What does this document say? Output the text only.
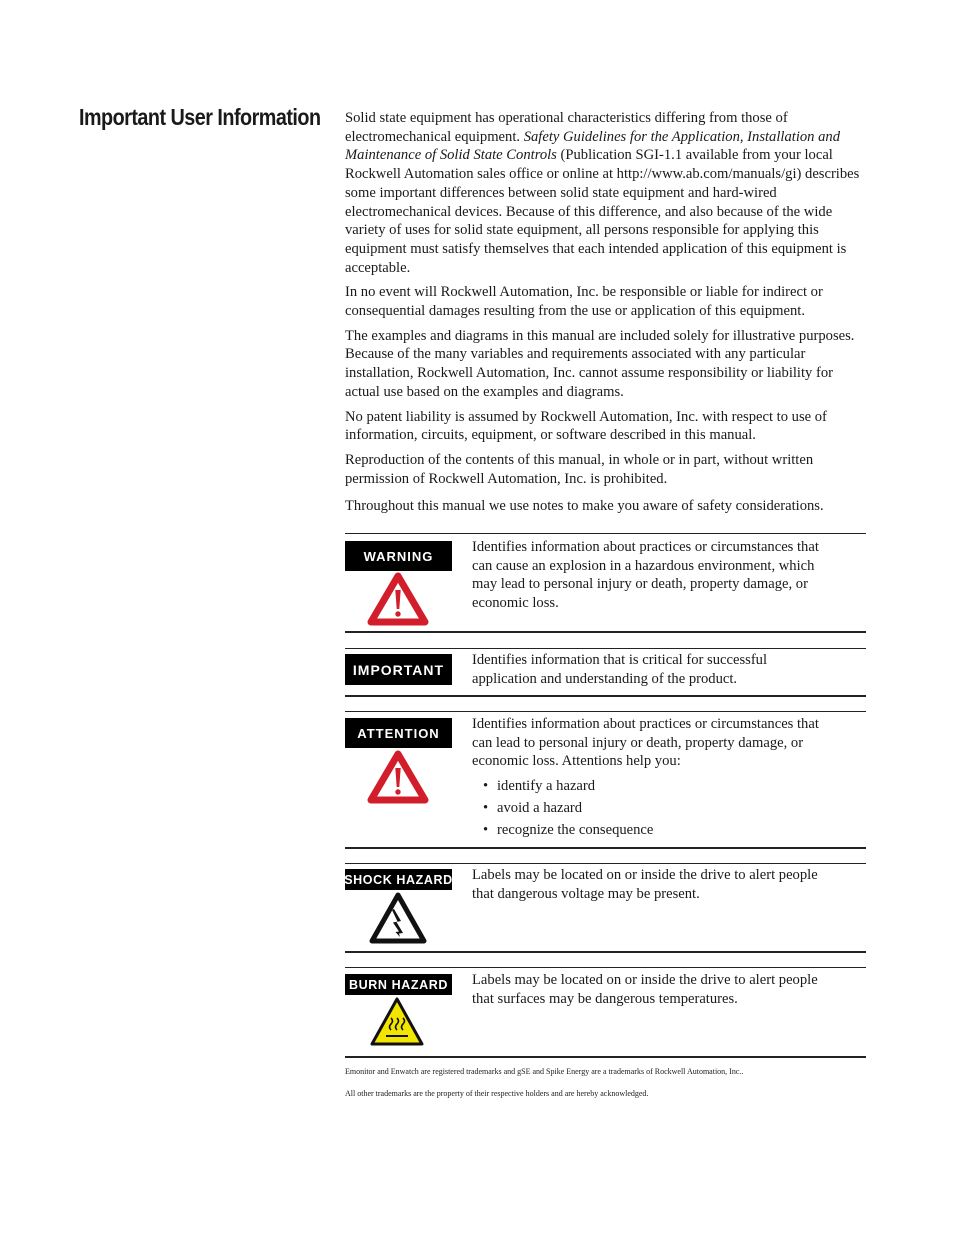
Important User Information Solid state equipment has operational characteristics differing from those of electromechanical equipment. Safety Guidelines for the Application, Installation and Maintenance of Solid State Controls (Publication SGI-1.1 available from your local Rockwell Automation sales office or online at http://www.ab.com/manuals/gi) describes some important differences between solid state equipment and hard-wired electromechanical devices. Because of this difference, and also because of the wide variety of uses for solid state equipment, all persons responsible for applying this equipment must satisfy themselves that each intended application of this equipment is acceptable.

In no event will Rockwell Automation, Inc. be responsible or liable for indirect or consequential damages resulting from the use or application of this equipment.

The examples and diagrams in this manual are included solely for illustrative purposes. Because of the many variables and requirements associated with any particular installation, Rockwell Automation, Inc. cannot assume responsibility or liability for actual use based on the examples and diagrams.

No patent liability is assumed by Rockwell Automation, Inc. with respect to use of information, circuits, equipment, or software described in this manual.

Reproduction of the contents of this manual, in whole or in part, without written permission of Rockwell Automation, Inc. is prohibited.

Throughout this manual we use notes to make you aware of safety considerations.

WARNING
Identifies information about practices or circumstances that can cause an explosion in a hazardous environment, which may lead to personal injury or death, property damage, or economic loss.
IMPORTANT
Identifies information that is critical for successful application and understanding of the product.
ATTENTION
Identifies information about practices or circumstances that can lead to personal injury or death, property damage, or economic loss. Attentions help you:
• identify a hazard
• avoid a hazard
• recognize the consequence
SHOCK HAZARD Labels may be located on or inside the drive to alert people that dangerous voltage may be present.
BURN HAZARD Labels may be located on or inside the drive to alert people that surfaces may be dangerous temperatures.
Emonitor and Enwatch are registered trademarks and gSE and Spike Energy are a trademarks of Rockwell Automation, Inc..
All other trademarks are the property of their respective holders and are hereby acknowledged.
